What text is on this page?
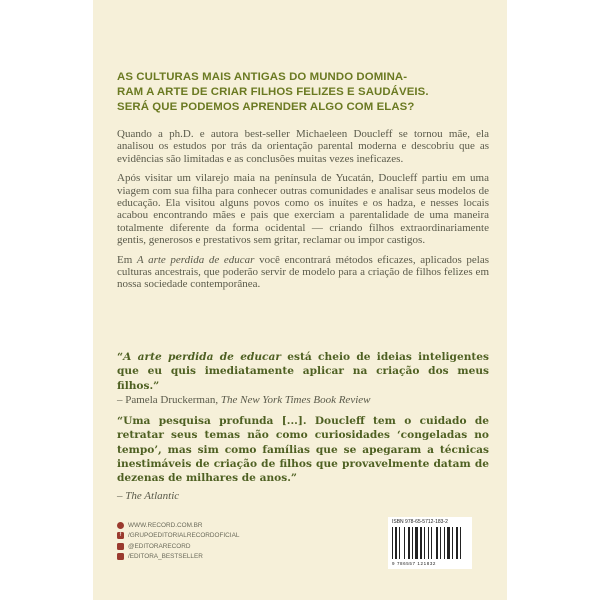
AS CULTURAS MAIS ANTIGAS DO MUNDO DOMINA-
RAM A ARTE DE CRIAR FILHOS FELIZES E SAUDÁVEIS.
SERÁ QUE PODEMOS APRENDER ALGO COM ELAS?

Quando a ph.D. e autora best-seller Michaeleen Doucleff se tornou mãe, ela analisou os estudos por trás da orientação parental moderna e descobriu que as evidências são limitadas e as conclusões muitas vezes ineficazes.

Após visitar um vilarejo maia na península de Yucatán, Doucleff partiu em uma viagem com sua filha para conhecer outras comunidades e analisar seus modelos de educação. Ela visitou alguns povos como os inuítes e os hadza, e nesses locais acabou encontrando mães e pais que exerciam a parentalidade de uma maneira totalmente diferente da forma ocidental — criando filhos extraordinariamente gentis, generosos e prestativos sem gritar, reclamar ou impor castigos.

Em A arte perdida de educar você encontrará métodos eficazes, aplicados pelas culturas ancestrais, que poderão servir de modelo para a criação de filhos felizes em nossa sociedade contemporânea.

“A arte perdida de educar está cheio de ideias inteligentes que eu quis imediatamente aplicar na criação dos meus filhos.”
– Pamela Druckerman, The New York Times Book Review
“Uma pesquisa profunda [...]. Doucleff tem o cuidado de retratar seus temas não como curiosidades ‘congeladas no tempo’, mas sim como famílias que se apegaram a técnicas inestimáveis de criação de filhos que provavelmente datam de dezenas de milhares de anos.”
– The Atlantic
WWW.RECORD.COM.BR
f	/GRUPOEDITORIALRECORDOFICIAL
@EDITORARECORD
/EDITORA_BESTSELLER
ISBN 978-65-5712-183-2
9 786557 121832
